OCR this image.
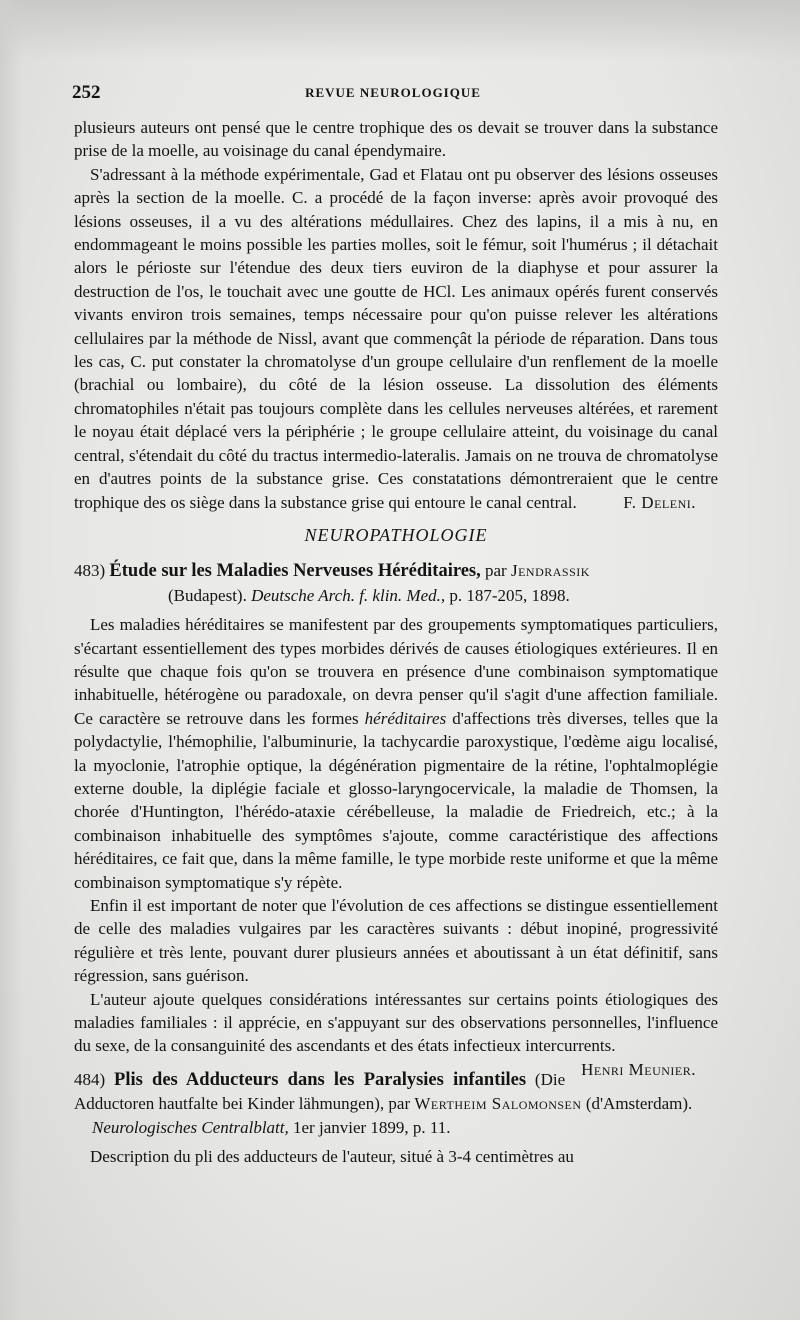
252	REVUE NEUROLOGIQUE

plusieurs auteurs ont pensé que le centre trophique des os devait se trouver dans la substance prise de la moelle, au voisinage du canal épendymaire.

S'adressant à la méthode expérimentale, Gad et Flatau ont pu observer des lésions osseuses après la section de la moelle. C. a procédé de la façon inverse: après avoir provoqué des lésions osseuses, il a vu des altérations médullaires. Chez des lapins, il a mis à nu, en endommageant le moins possible les parties molles, soit le fémur, soit l'humérus ; il détachait alors le périoste sur l'étendue des deux tiers euviron de la diaphyse et pour assurer la destruction de l'os, le touchait avec une goutte de HCl. Les animaux opérés furent conservés vivants environ trois semaines, temps nécessaire pour qu'on puisse relever les altérations cellulaires par la méthode de Nissl, avant que commençât la période de réparation. Dans tous les cas, C. put constater la chromatolyse d'un groupe cellulaire d'un renflement de la moelle (brachial ou lombaire), du côté de la lésion osseuse. La dissolution des éléments chromatophiles n'était pas toujours complète dans les cellules nerveuses altérées, et rarement le noyau était déplacé vers la périphérie ; le groupe cellulaire atteint, du voisinage du canal central, s'étendait du côté du tractus intermedio-lateralis. Jamais on ne trouva de chromatolyse en d'autres points de la substance grise. Ces constatations démontreraient que le centre trophique des os siège dans la substance grise qui entoure le canal central.	F. Deleni.

NEUROPATHOLOGIE

483) Étude sur les Maladies Nerveuses Héréditaires, par Jendrassik

(Budapest). Deutsche Arch. f. klin. Med., p. 187-205, 1898.

Les maladies héréditaires se manifestent par des groupements symptomatiques particuliers, s'écartant essentiellement des types morbides dérivés de causes étiologiques extérieures. Il en résulte que chaque fois qu'on se trouvera en présence d'une combinaison symptomatique inhabituelle, hétérogène ou paradoxale, on devra penser qu'il s'agit d'une affection familiale. Ce caractère se retrouve dans les formes héréditaires d'affections très diverses, telles que la polydactylie, l'hémophilie, l'albuminurie, la tachycardie paroxystique, l'œdème aigu localisé, la myoclonie, l'atrophie optique, la dégénération pigmentaire de la rétine, l'ophtalmoplégie externe double, la diplégie faciale et glosso-laryngocervicale, la maladie de Thomsen, la chorée d'Huntington, l'hérédo-ataxie cérébelleuse, la maladie de Friedreich, etc.; à la combinaison inhabituelle des symptômes s'ajoute, comme caractéristique des affections héréditaires, ce fait que, dans la même famille, le type morbide reste uniforme et que la même combinaison symptomatique s'y répète.

Enfin il est important de noter que l'évolution de ces affections se distingue essentiellement de celle des maladies vulgaires par les caractères suivants : début inopiné, progressivité régulière et très lente, pouvant durer plusieurs années et aboutissant à un état définitif, sans régression, sans guérison.

L'auteur ajoute quelques considérations intéressantes sur certains points étiologiques des maladies familiales : il apprécie, en s'appuyant sur des observations personnelles, l'influence du sexe, de la consanguinité des ascendants et des états infectieux intercurrents.
Henri Meunier.

484) Plis des Adducteurs dans les Paralysies infantiles (Die Adductoren hautfalte bei Kinder lähmungen), par Wertheim Salomonsen (d'Amsterdam).

Neurologisches Centralblatt, 1er janvier 1899, p. 11.

Description du pli des adducteurs de l'auteur, situé à 3-4 centimètres au
